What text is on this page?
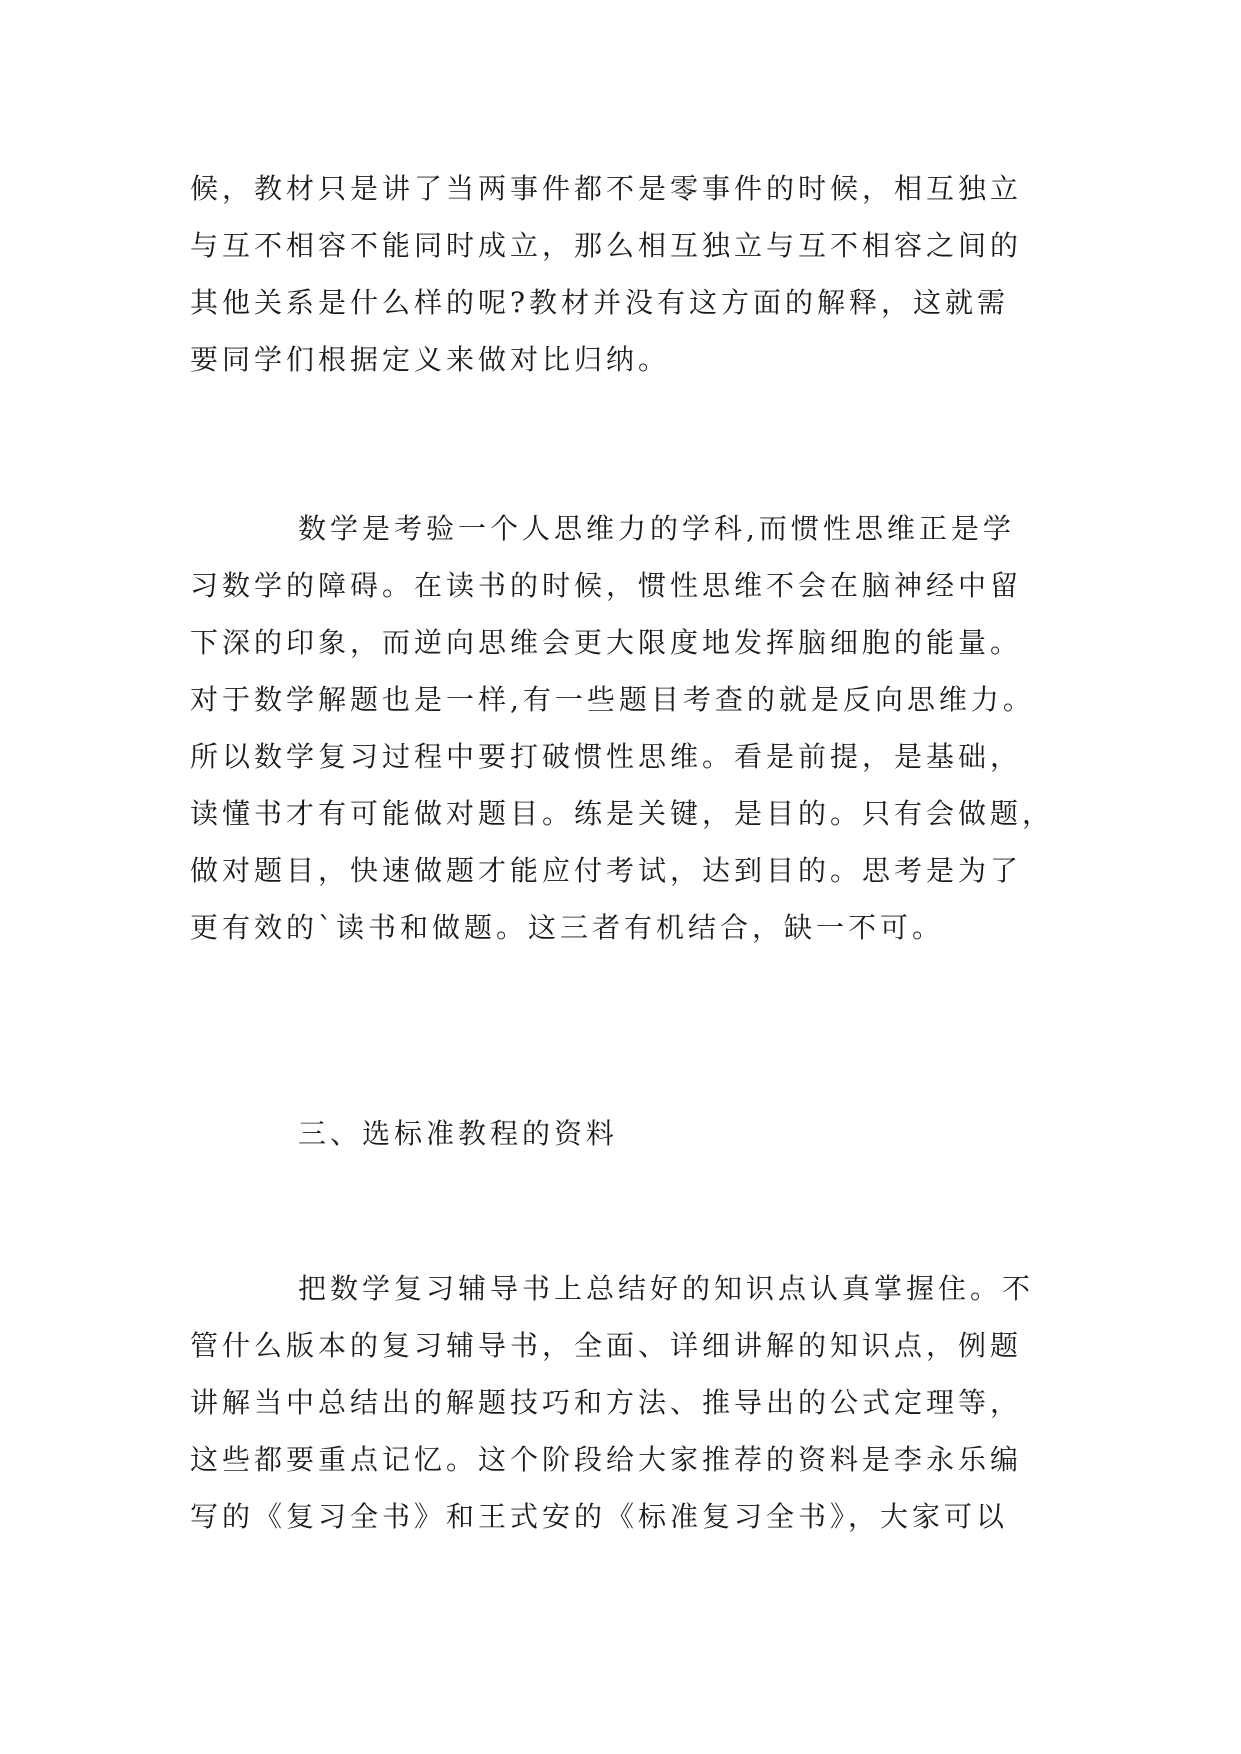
候，教材只是讲了当两事件都不是零事件的时候，相互独立
与互不相容不能同时成立，那么相互独立与互不相容之间的
其他关系是什么样的呢?教材并没有这方面的解释，这就需
要同学们根据定义来做对比归纳。
数学是考验一个人思维力的学科,而惯性思维正是学
习数学的障碍。在读书的时候，惯性思维不会在脑神经中留
下深的印象，而逆向思维会更大限度地发挥脑细胞的能量。
对于数学解题也是一样,有一些题目考查的就是反向思维力。
所以数学复习过程中要打破惯性思维。看是前提，是基础，
读懂书才有可能做对题目。练是关键，是目的。只有会做题，
做对题目，快速做题才能应付考试，达到目的。思考是为了
更有效的`读书和做题。这三者有机结合，缺一不可。
三、选标准教程的资料
把数学复习辅导书上总结好的知识点认真掌握住。不
管什么版本的复习辅导书，全面、详细讲解的知识点，例题
讲解当中总结出的解题技巧和方法、推导出的公式定理等，
这些都要重点记忆。这个阶段给大家推荐的资料是李永乐编
写的《复习全书》和王式安的《标准复习全书》，大家可以
